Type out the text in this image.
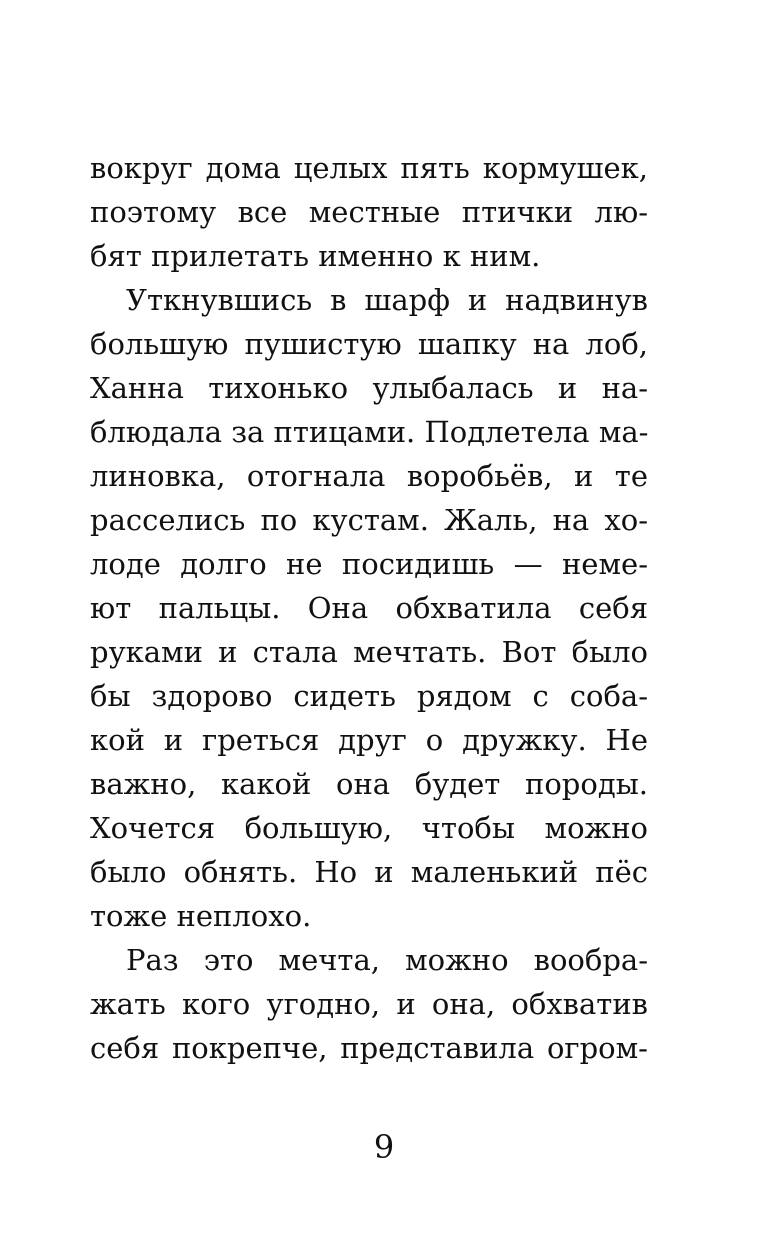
вокруг дома целых пять кормушек,
поэтому все местные птички лю-
бят прилетать именно к ним.
Уткнувшись в шарф и надвинув
большую пушистую шапку на лоб,
Ханна тихонько улыбалась и на-
блюдала за птицами. Подлетела ма-
линовка, отогнала воробьёв, и те
расселись по кустам. Жаль, на хо-
лоде долго не посидишь — неме-
ют пальцы. Она обхватила себя
руками и стала мечтать. Вот было
бы здорово сидеть рядом с соба-
кой и греться друг о дружку. Не
важно, какой она будет породы.
Хочется большую, чтобы можно
было обнять. Но и маленький пёс
тоже неплохо.
Раз это мечта, можно вообра-
жать кого угодно, и она, обхватив
себя покрепче, представила огром-
9
